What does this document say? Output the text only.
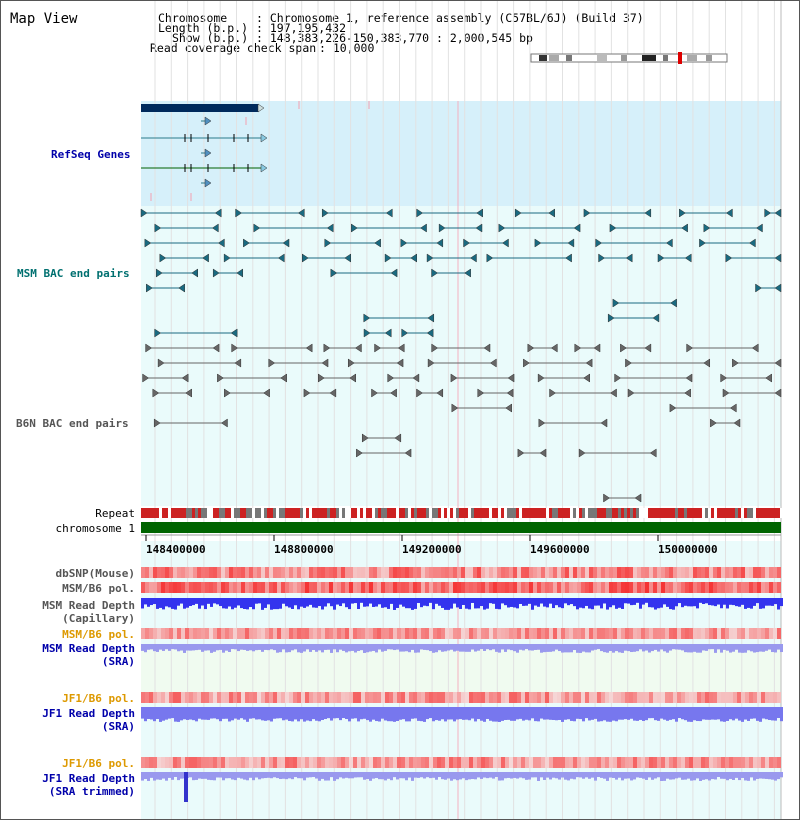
Map View	Chromosome	: Chromosome 1, reference assembly (C57BL/6J) (Build 37)
Length (b.p.) : 197,195,432
Show (b.p.) : 148,383,226-150,383,770 : 2,000,545 bp
Read coverage check span : 10,000
RefSeq Genes
MSM BAC end pairs
B6N BAC end pairs
Repeat
chromosome 1
dbSNP(Mouse)
MSM/B6 pol.
MSM Read Depth
(Capillary)
MSM/B6 pol.
MSM Read Depth
(SRA)
JF1/B6 pol.
JF1 Read Depth
(SRA)
JF1/B6 pol.
JF1 Read Depth
(SRA trimmed)
148400000	148800000	149200000	149600000	150000000
